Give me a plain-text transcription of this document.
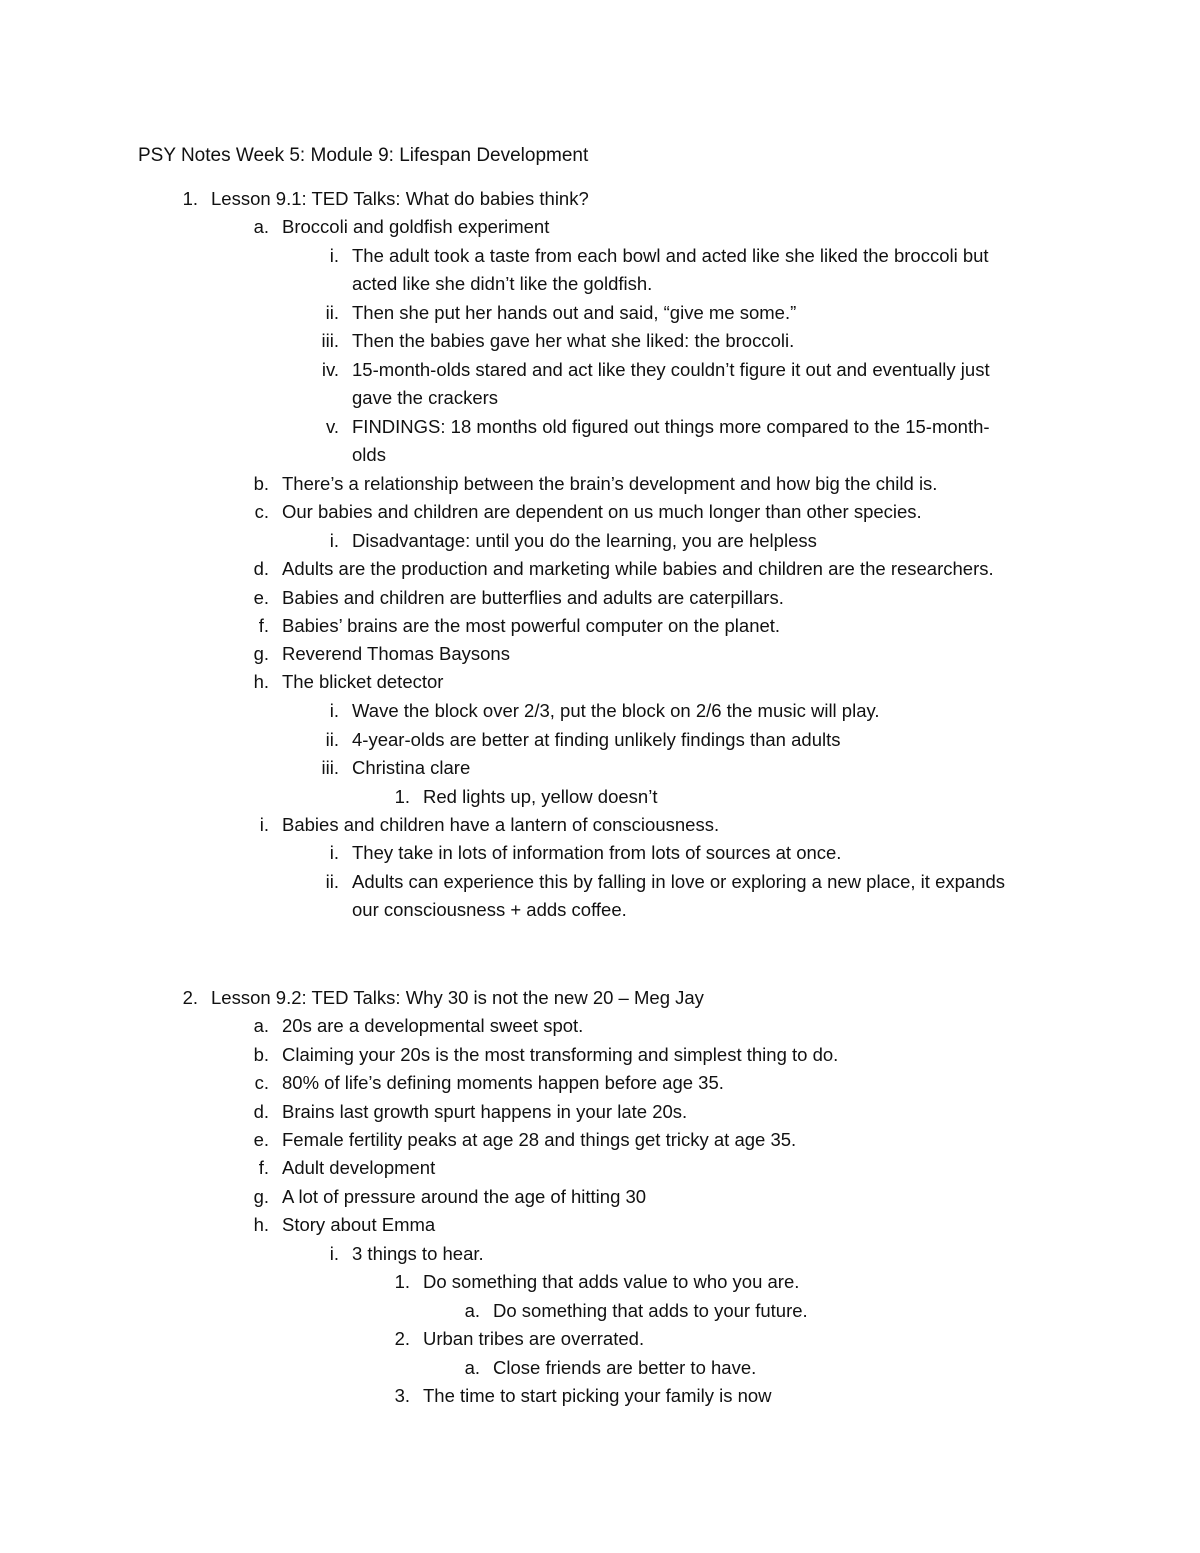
PSY Notes Week 5: Module 9: Lifespan Development
1. Lesson 9.1: TED Talks: What do babies think?
a. Broccoli and goldfish experiment
i. The adult took a taste from each bowl and acted like she liked the broccoli but
acted like she didn’t like the goldfish.
ii. Then she put her hands out and said, “give me some.”
iii. Then the babies gave her what she liked: the broccoli.
iv. 15-month-olds stared and act like they couldn’t figure it out and eventually just
gave the crackers
v. FINDINGS: 18 months old figured out things more compared to the 15-month-
olds
b. There’s a relationship between the brain’s development and how big the child is.
c. Our babies and children are dependent on us much longer than other species.
i. Disadvantage: until you do the learning, you are helpless
d. Adults are the production and marketing while babies and children are the researchers.
e. Babies and children are butterflies and adults are caterpillars.
f. Babies’ brains are the most powerful computer on the planet.
g. Reverend Thomas Baysons
h. The blicket detector
i. Wave the block over 2/3, put the block on 2/6 the music will play.
ii. 4-year-olds are better at finding unlikely findings than adults
iii. Christina clare
1. Red lights up, yellow doesn’t
i. Babies and children have a lantern of consciousness.
i. They take in lots of information from lots of sources at once.
ii. Adults can experience this by falling in love or exploring a new place, it expands
our consciousness + adds coffee.
2. Lesson 9.2: TED Talks: Why 30 is not the new 20 – Meg Jay
a. 20s are a developmental sweet spot.
b. Claiming your 20s is the most transforming and simplest thing to do.
c. 80% of life’s defining moments happen before age 35.
d. Brains last growth spurt happens in your late 20s.
e. Female fertility peaks at age 28 and things get tricky at age 35.
f. Adult development
g. A lot of pressure around the age of hitting 30
h. Story about Emma
i. 3 things to hear.
1. Do something that adds value to who you are.
a. Do something that adds to your future.
2. Urban tribes are overrated.
a. Close friends are better to have.
3. The time to start picking your family is now
